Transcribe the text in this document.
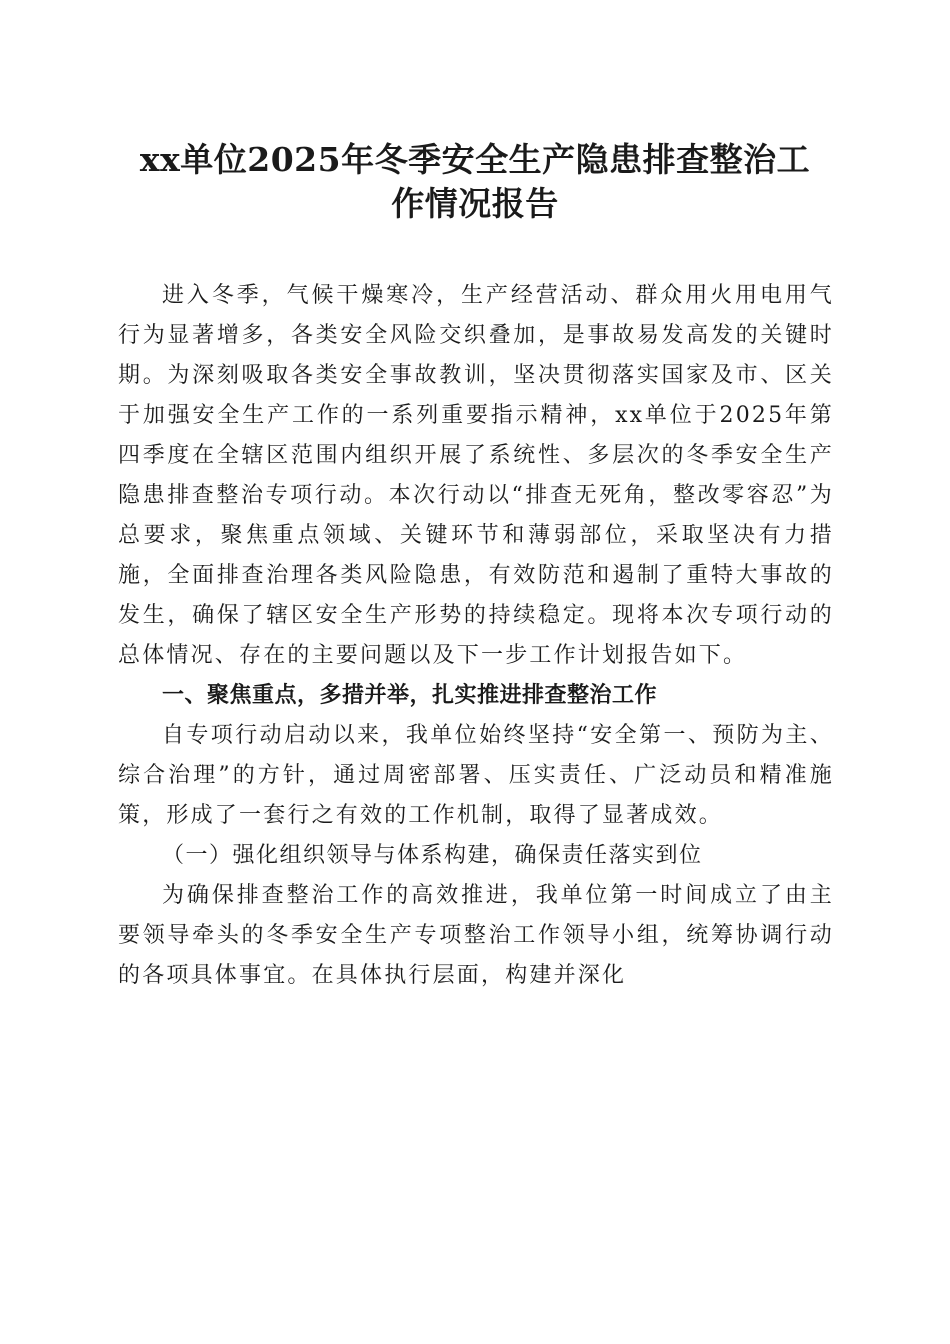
xx单位2025年冬季安全生产隐患排查整治工
作情况报告

进入冬季，气候干燥寒冷，生产经营活动、群众用火用电用气行为显著增多，各类安全风险交织叠加，是事故易发高发的关键时期。为深刻吸取各类安全事故教训，坚决贯彻落实国家及市、区关于加强安全生产工作的一系列重要指示精神，xx单位于2025年第四季度在全辖区范围内组织开展了系统性、多层次的冬季安全生产隐患排查整治专项行动。本次行动以“排查无死角，整改零容忍”为总要求，聚焦重点领域、关键环节和薄弱部位，采取坚决有力措施，全面排查治理各类风险隐患，有效防范和遏制了重特大事故的发生，确保了辖区安全生产形势的持续稳定。现将本次专项行动的总体情况、存在的主要问题以及下一步工作计划报告如下。

一、聚焦重点，多措并举，扎实推进排查整治工作

自专项行动启动以来，我单位始终坚持“安全第一、预防为主、综合治理”的方针，通过周密部署、压实责任、广泛动员和精准施策，形成了一套行之有效的工作机制，取得了显著成效。

（一）强化组织领导与体系构建，确保责任落实到位

为确保排查整治工作的高效推进，我单位第一时间成立了由主要领导牵头的冬季安全生产专项整治工作领导小组，统筹协调行动的各项具体事宜。在具体执行层面，构建并深化
